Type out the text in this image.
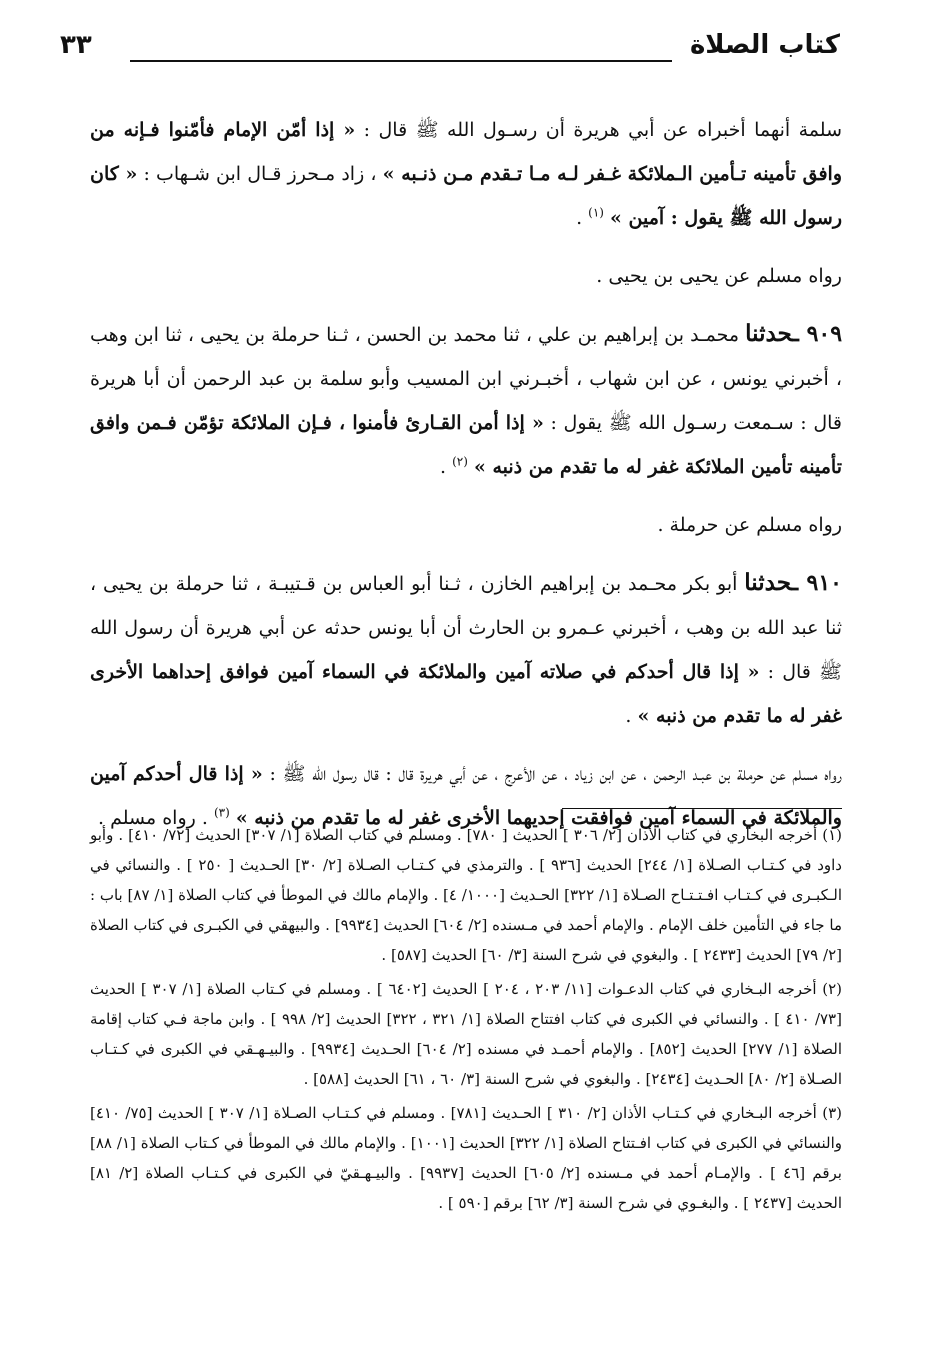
كتاب الصلاة
٣٣

سلمة أنهما أخبراه عن أبي هريرة أن رسـول الله ﷺ قال : « إذا أمّن الإمام فأمّنوا فـإنه من وافق تأمينه تـأمين الـملائكة غـفر لـه مـا تـقدم مـن ذنـبه » ، زاد مـحرز قـال ابن شـهاب : « كان رسول الله ﷺ يقول : آمين » $^{(١)}$ .

رواه مسلم عن يحيى بن يحيى .

٩٠٩ ـحدثنا محمـد بن إبراهيم بن علي ، ثنا محمد بن الحسن ، ثـنا حرملة بن يحيى ، ثنا ابن وهب ، أخبرني يونس ، عن ابن شهاب ، أخبـرني ابن المسيب وأبو سلمة بن عبد الرحمن أن أبا هريرة قال : سـمعت رسـول الله ﷺ يقول : « إذا أمن القـارئ فأمنوا ، فـإن الملائكة تؤمّن فـمن وافق تأمينه تأمين الملائكة غفر له ما تقدم من ذنبه » $^{(٢)}$ .

رواه مسلم عن حرملة .

٩١٠ ـحدثنا أبو بكر محـمد بن إبراهيم الخازن ، ثـنا أبو العباس بن قـتيبـة ، ثنا حرملة بن يحيى ، ثنا عبد الله بن وهب ، أخبرني عـمرو بن الحارث أن أبا يونس حدثه عن أبي هريرة أن رسول الله ﷺ قال : « إذا قال أحدكم في صلاته آمين والملائكة في السماء آمين فوافق إحداهما الأخرى غفر له ما تقدم من ذنبه » .

رواه مسلم عن حرملة بن عبـد الرحمن ، عن ابن زياد ، عن الأعرج ، عن أبي هريرة قال : قال رسول الله ﷺ : « إذا قال أحدكم آمين والملائكة في السماء آمين فوافقت إحديهما الأخرى غفر له ما تقدم من ذنبه » $^{(٣)}$ . رواه مسلم .

(١) أخرجه البخاري في كتاب الأذان [٢/ ٣٠٦ ] الحديث [ ٧٨٠] . ومسلم في كتاب الصلاة [١/ ٣٠٧] الحديث [٧٢/ ٤١٠] . وأبو داود في كـتـاب الصـلاة [١/ ٢٤٤] الحديث [٩٣٦ ] . والترمذي في كـتـاب الصـلاة [٢/ ٣٠] الحـديث [ ٢٥٠ ] . والنسائي في الـكبـرى في كـتـاب افـتـتـاح الصـلاة [١/ ٣٢٢] الحـديث [١٠٠٠/ ٤] . والإمام مالك في الموطأ في كتاب الصلاة [١/ ٨٧] باب : ما جاء في التأمين خلف الإمام . والإمام أحمد في مـسنده [٢/ ٦٠٤] الحديث [٩٩٣٤] . والبيهقي في الكبـرى في كتاب الصلاة [٢/ ٧٩] الحديث [٢٤٣٣ ] . والبغوي في شرح السنة [٣/ ٦٠] الحديث [٥٨٧] .

(٢) أخرجه البـخاري في كتاب الدعـوات [١١/ ٢٠٣ ، ٢٠٤ ] الحديث [٦٤٠٢ ] . ومسلم في كـتاب الصلاة [١/ ٣٠٧ ] الحديث [٧٣/ ٤١٠ ] . والنسائي في الكبرى في كتاب افتتاح الصلاة [١/ ٣٢١ ، ٣٢٢] الحديث [٢/ ٩٩٨ ] . وابن ماجة فـي كتاب إقامة الصلاة [١/ ٢٧٧] الحديث [٨٥٢] . والإمام أحمـد في مسنده [٢/ ٦٠٤] الحـديث [٩٩٣٤] . والبيـهـقي في الكبرى في كـتـاب الصـلاة [٢/ ٨٠] الحـديث [٢٤٣٤] . والبغوي في شرح السنة [٣/ ٦٠ ، ٦١] الحديث [٥٨٨] .

(٣) أخرجه البـخاري في كـتـاب الأذان [٢/ ٣١٠ ] الحـديث [٧٨١] . ومسلم في كـتـاب الصـلاة [١/ ٣٠٧ ] الحديث [٧٥/ ٤١٠] والنسائي في الكبرى في كتاب افـتتاح الصلاة [١/ ٣٢٢] الحديث [١٠٠١] . والإمام مالك في الموطأ في كـتاب الصلاة [١/ ٨٨] برقم [٤٦ ] . والإمـام أحمد في مـسنده [٢/ ٦٠٥] الحديث [٩٩٣٧] . والبيـهـقيّ في الكبرى في كـتـاب الصلاة [٢/ ٨١] الحديث [٢٤٣٧ ] . والبغـوي في شرح السنة [٣/ ٦٢] برقم [٥٩٠ ] .
